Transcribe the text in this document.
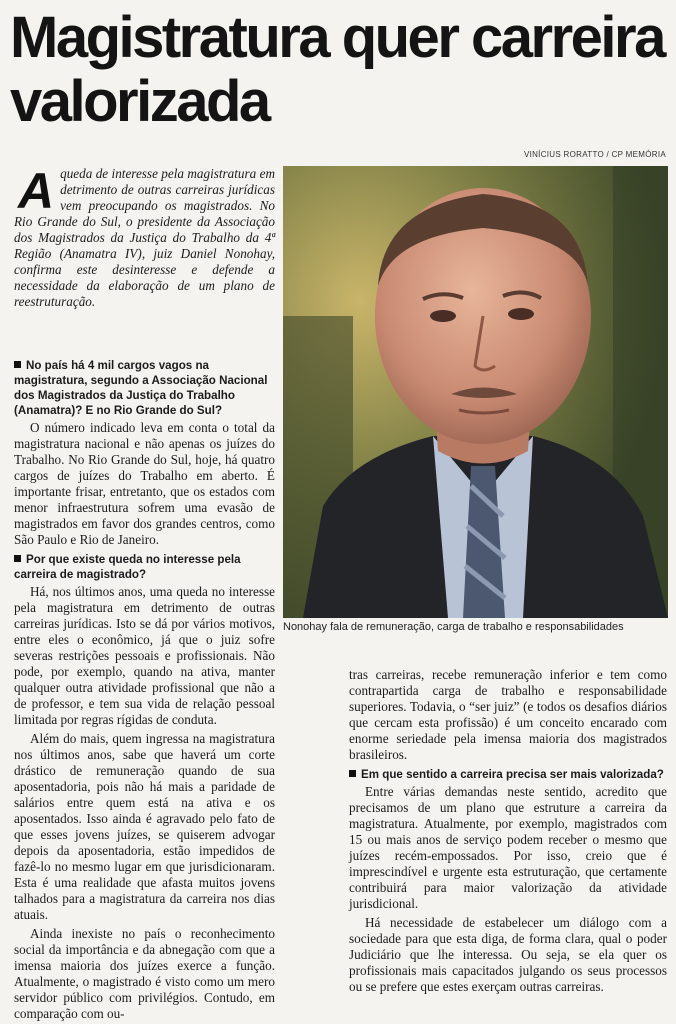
Magistratura quer carreira valorizada
VINÍCIUS RORATTO / CP MEMÓRIA

A queda de interesse pela magistratura em detrimento de outras carreiras jurídicas vem preocupando os magistrados. No Rio Grande do Sul, o presidente da Associação dos Magistrados da Justiça do Trabalho da 4ª Região (Anamatra IV), juiz Daniel Nonohay, confirma este desinteresse e defende a necessidade da elaboração de um plano de reestruturação.

No país há 4 mil cargos vagos na magistratura, segundo a Associação Nacional dos Magistrados da Justiça do Trabalho (Anamatra)? E no Rio Grande do Sul?

O número indicado leva em conta o total da magistratura nacional e não apenas os juízes do Trabalho. No Rio Grande do Sul, hoje, há quatro cargos de juízes do Trabalho em aberto. É importante frisar, entretanto, que os estados com menor infraestrutura sofrem uma evasão de magistrados em favor dos grandes centros, como São Paulo e Rio de Janeiro.

Por que existe queda no interesse pela carreira de magistrado?

Há, nos últimos anos, uma queda no interesse pela magistratura em detrimento de outras carreiras jurídicas. Isto se dá por vários motivos, entre eles o econômico, já que o juiz sofre severas restrições pessoais e profissionais. Não pode, por exemplo, quando na ativa, manter qualquer outra atividade profissional que não a de professor, e tem sua vida de relação pessoal limitada por regras rígidas de conduta.

Além do mais, quem ingressa na magistratura nos últimos anos, sabe que haverá um corte drástico de remuneração quando de sua aposentadoria, pois não há mais a paridade de salários entre quem está na ativa e os aposentados. Isso ainda é agravado pelo fato de que esses jovens juízes, se quiserem advogar depois da aposentadoria, estão impedidos de fazê-lo no mesmo lugar em que jurisdicionaram. Esta é uma realidade que afasta muitos jovens talhados para a magistratura da carreira nos dias atuais.

Ainda inexiste no país o reconhecimento social da importância e da abnegação com que a imensa maioria dos juízes exerce a função. Atualmente, o magistrado é visto como um mero servidor público com privilégios. Contudo, em comparação com ou-

Nonohay fala de remuneração, carga de trabalho e responsabilidades

tras carreiras, recebe remuneração inferior e tem como contrapartida carga de trabalho e responsabilidade superiores. Todavia, o “ser juiz” (e todos os desafios diários que cercam esta profissão) é um conceito encarado com enorme seriedade pela imensa maioria dos magistrados brasileiros.

Em que sentido a carreira precisa ser mais valorizada?

Entre várias demandas neste sentido, acredito que precisamos de um plano que estruture a carreira da magistratura. Atualmente, por exemplo, magistrados com 15 ou mais anos de serviço podem receber o mesmo que juízes recém-empossados. Por isso, creio que é imprescindível e urgente esta estruturação, que certamente contribuirá para maior valorização da atividade jurisdicional.

Há necessidade de estabelecer um diálogo com a sociedade para que esta diga, de forma clara, qual o poder Judiciário que lhe interessa. Ou seja, se ela quer os profissionais mais capacitados julgando os seus processos ou se prefere que estes exerçam outras carreiras.
